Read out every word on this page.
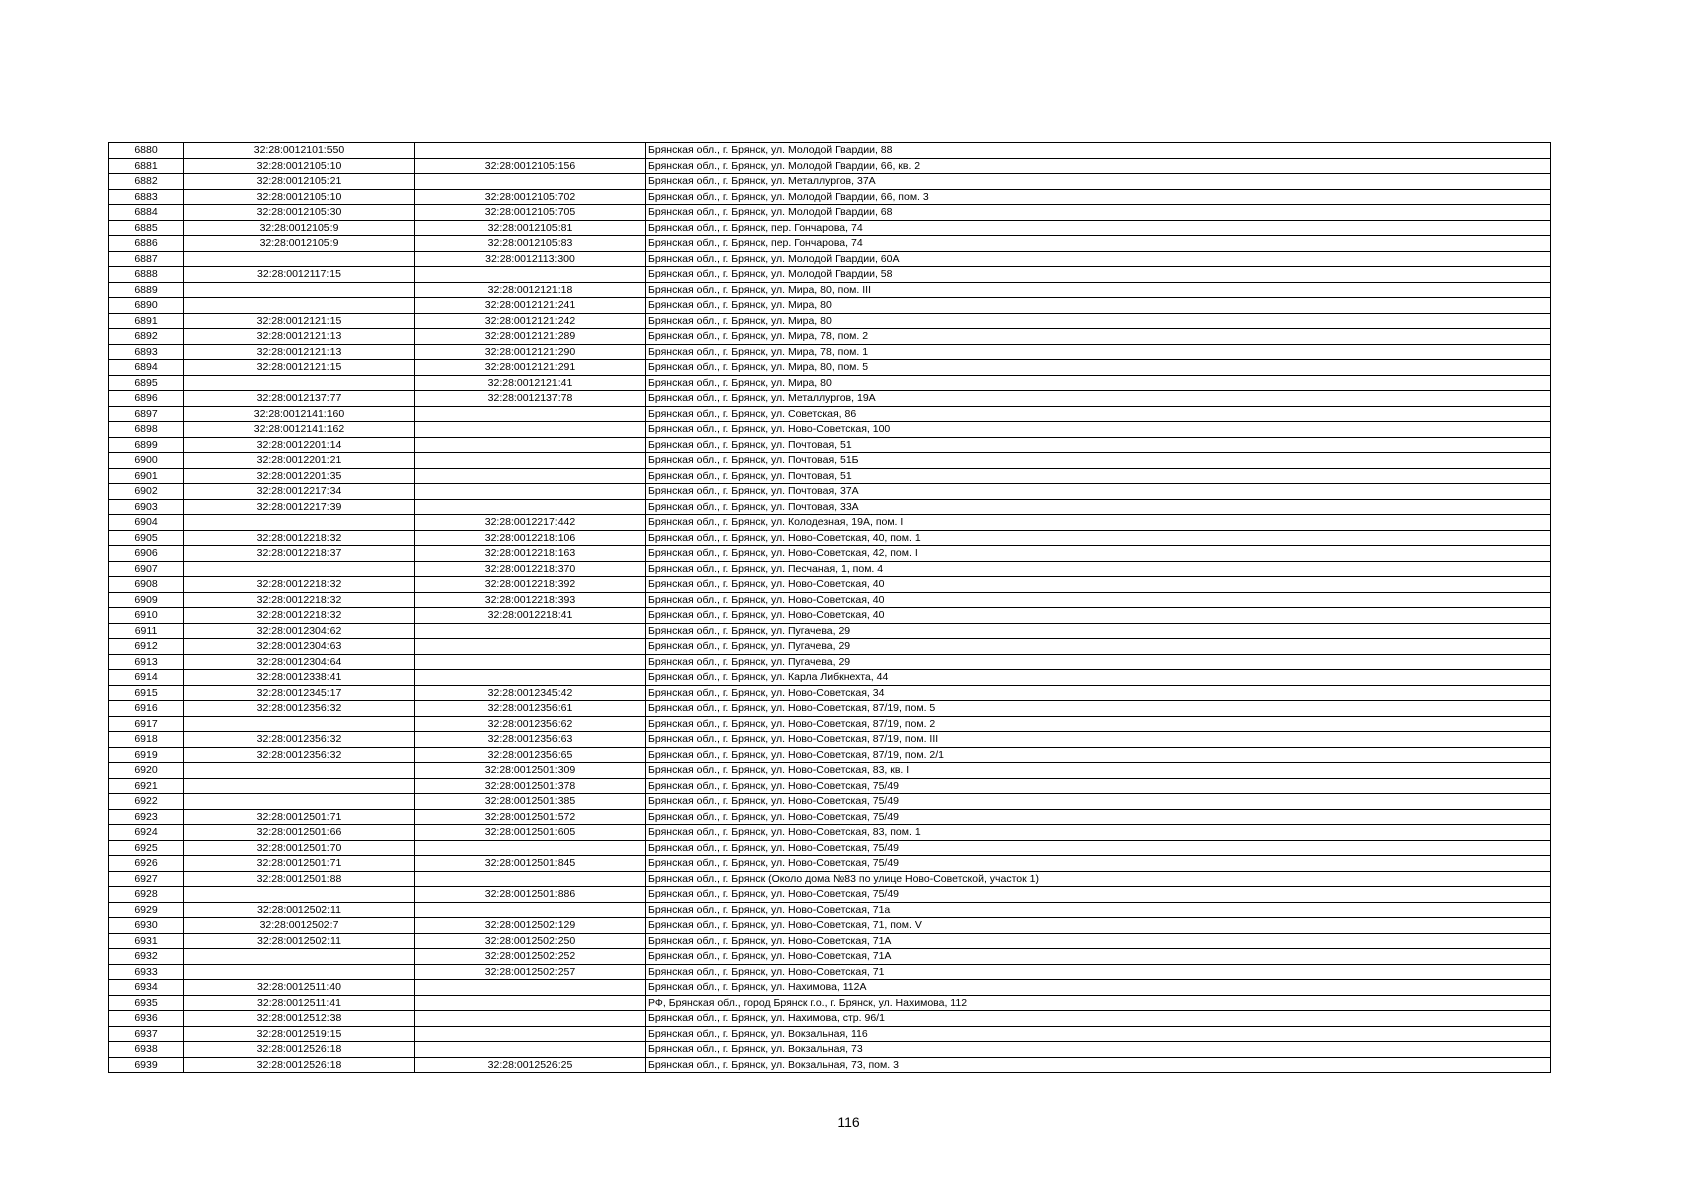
6880	32:28:0012101:550		Брянская обл., г. Брянск, ул. Молодой Гвардии, 88
6881	32:28:0012105:10	32:28:0012105:156	Брянская обл., г. Брянск, ул. Молодой Гвардии, 66, кв. 2
6882	32:28:0012105:21		Брянская обл., г. Брянск, ул. Металлургов, 37А
6883	32:28:0012105:10	32:28:0012105:702	Брянская обл., г. Брянск, ул. Молодой Гвардии, 66, пом. 3
6884	32:28:0012105:30	32:28:0012105:705	Брянская обл., г. Брянск, ул. Молодой Гвардии, 68
6885	32:28:0012105:9	32:28:0012105:81	Брянская обл., г. Брянск, пер. Гончарова, 74
6886	32:28:0012105:9	32:28:0012105:83	Брянская обл., г. Брянск, пер. Гончарова, 74
6887		32:28:0012113:300	Брянская обл., г. Брянск, ул. Молодой Гвардии, 60А
6888	32:28:0012117:15		Брянская обл., г. Брянск, ул. Молодой Гвардии, 58
6889		32:28:0012121:18	Брянская обл., г. Брянск, ул. Мира, 80, пом. III
6890		32:28:0012121:241	Брянская обл., г. Брянск, ул. Мира, 80
6891	32:28:0012121:15	32:28:0012121:242	Брянская обл., г. Брянск, ул. Мира, 80
6892	32:28:0012121:13	32:28:0012121:289	Брянская обл., г. Брянск, ул. Мира, 78, пом. 2
6893	32:28:0012121:13	32:28:0012121:290	Брянская обл., г. Брянск, ул. Мира, 78, пом. 1
6894	32:28:0012121:15	32:28:0012121:291	Брянская обл., г. Брянск, ул. Мира, 80, пом. 5
6895		32:28:0012121:41	Брянская обл., г. Брянск, ул. Мира, 80
6896	32:28:0012137:77	32:28:0012137:78	Брянская обл., г. Брянск, ул. Металлургов, 19А
6897	32:28:0012141:160		Брянская обл., г. Брянск, ул. Советская, 86
6898	32:28:0012141:162		Брянская обл., г. Брянск, ул. Ново-Советская, 100
6899	32:28:0012201:14		Брянская обл., г. Брянск, ул. Почтовая, 51
6900	32:28:0012201:21		Брянская обл., г. Брянск, ул. Почтовая, 51Б
6901	32:28:0012201:35		Брянская обл., г. Брянск, ул. Почтовая, 51
6902	32:28:0012217:34		Брянская обл., г. Брянск, ул. Почтовая, 37А
6903	32:28:0012217:39		Брянская обл., г. Брянск, ул. Почтовая, 33А
6904		32:28:0012217:442	Брянская обл., г. Брянск, ул. Колодезная, 19А, пом. I
6905	32:28:0012218:32	32:28:0012218:106	Брянская обл., г. Брянск, ул. Ново-Советская, 40, пом. 1
6906	32:28:0012218:37	32:28:0012218:163	Брянская обл., г. Брянск, ул. Ново-Советская, 42, пом. I
6907		32:28:0012218:370	Брянская обл., г. Брянск, ул. Песчаная, 1, пом. 4
6908	32:28:0012218:32	32:28:0012218:392	Брянская обл., г. Брянск, ул. Ново-Советская, 40
6909	32:28:0012218:32	32:28:0012218:393	Брянская обл., г. Брянск, ул. Ново-Советская, 40
6910	32:28:0012218:32	32:28:0012218:41	Брянская обл., г. Брянск, ул. Ново-Советская, 40
6911	32:28:0012304:62		Брянская обл., г. Брянск, ул. Пугачева, 29
6912	32:28:0012304:63		Брянская обл., г. Брянск, ул. Пугачева, 29
6913	32:28:0012304:64		Брянская обл., г. Брянск, ул. Пугачева, 29
6914	32:28:0012338:41		Брянская обл., г. Брянск, ул. Карла Либкнехта, 44
6915	32:28:0012345:17	32:28:0012345:42	Брянская обл., г. Брянск, ул. Ново-Советская, 34
6916	32:28:0012356:32	32:28:0012356:61	Брянская обл., г. Брянск, ул. Ново-Советская, 87/19, пом. 5
6917		32:28:0012356:62	Брянская обл., г. Брянск, ул. Ново-Советская, 87/19, пом. 2
6918	32:28:0012356:32	32:28:0012356:63	Брянская обл., г. Брянск, ул. Ново-Советская, 87/19, пом. III
6919	32:28:0012356:32	32:28:0012356:65	Брянская обл., г. Брянск, ул. Ново-Советская, 87/19, пом. 2/1
6920		32:28:0012501:309	Брянская обл., г. Брянск, ул. Ново-Советская, 83, кв. I
6921		32:28:0012501:378	Брянская обл., г. Брянск, ул. Ново-Советская, 75/49
6922		32:28:0012501:385	Брянская обл., г. Брянск, ул. Ново-Советская, 75/49
6923	32:28:0012501:71	32:28:0012501:572	Брянская обл., г. Брянск, ул. Ново-Советская, 75/49
6924	32:28:0012501:66	32:28:0012501:605	Брянская обл., г. Брянск, ул. Ново-Советская, 83, пом. 1
6925	32:28:0012501:70		Брянская обл., г. Брянск, ул. Ново-Советская, 75/49
6926	32:28:0012501:71	32:28:0012501:845	Брянская обл., г. Брянск, ул. Ново-Советская, 75/49
6927	32:28:0012501:88		Брянская обл., г. Брянск (Около дома №83 по улице Ново-Советской, участок 1)
6928		32:28:0012501:886	Брянская обл., г. Брянск, ул. Ново-Советская, 75/49
6929	32:28:0012502:11		Брянская обл., г. Брянск, ул. Ново-Советская, 71а
6930	32:28:0012502:7	32:28:0012502:129	Брянская обл., г. Брянск, ул. Ново-Советская, 71, пом. V
6931	32:28:0012502:11	32:28:0012502:250	Брянская обл., г. Брянск, ул. Ново-Советская, 71А
6932		32:28:0012502:252	Брянская обл., г. Брянск, ул. Ново-Советская, 71А
6933		32:28:0012502:257	Брянская обл., г. Брянск, ул. Ново-Советская, 71
6934	32:28:0012511:40		Брянская обл., г. Брянск, ул. Нахимова, 112А
6935	32:28:0012511:41		РФ, Брянская обл., город Брянск г.о., г. Брянск, ул. Нахимова, 112
6936	32:28:0012512:38		Брянская обл., г. Брянск, ул. Нахимова, стр. 96/1
6937	32:28:0012519:15		Брянская обл., г. Брянск, ул. Вокзальная, 116
6938	32:28:0012526:18		Брянская обл., г. Брянск, ул. Вокзальная, 73
6939	32:28:0012526:18	32:28:0012526:25	Брянская обл., г. Брянск, ул. Вокзальная, 73, пом. 3
116
